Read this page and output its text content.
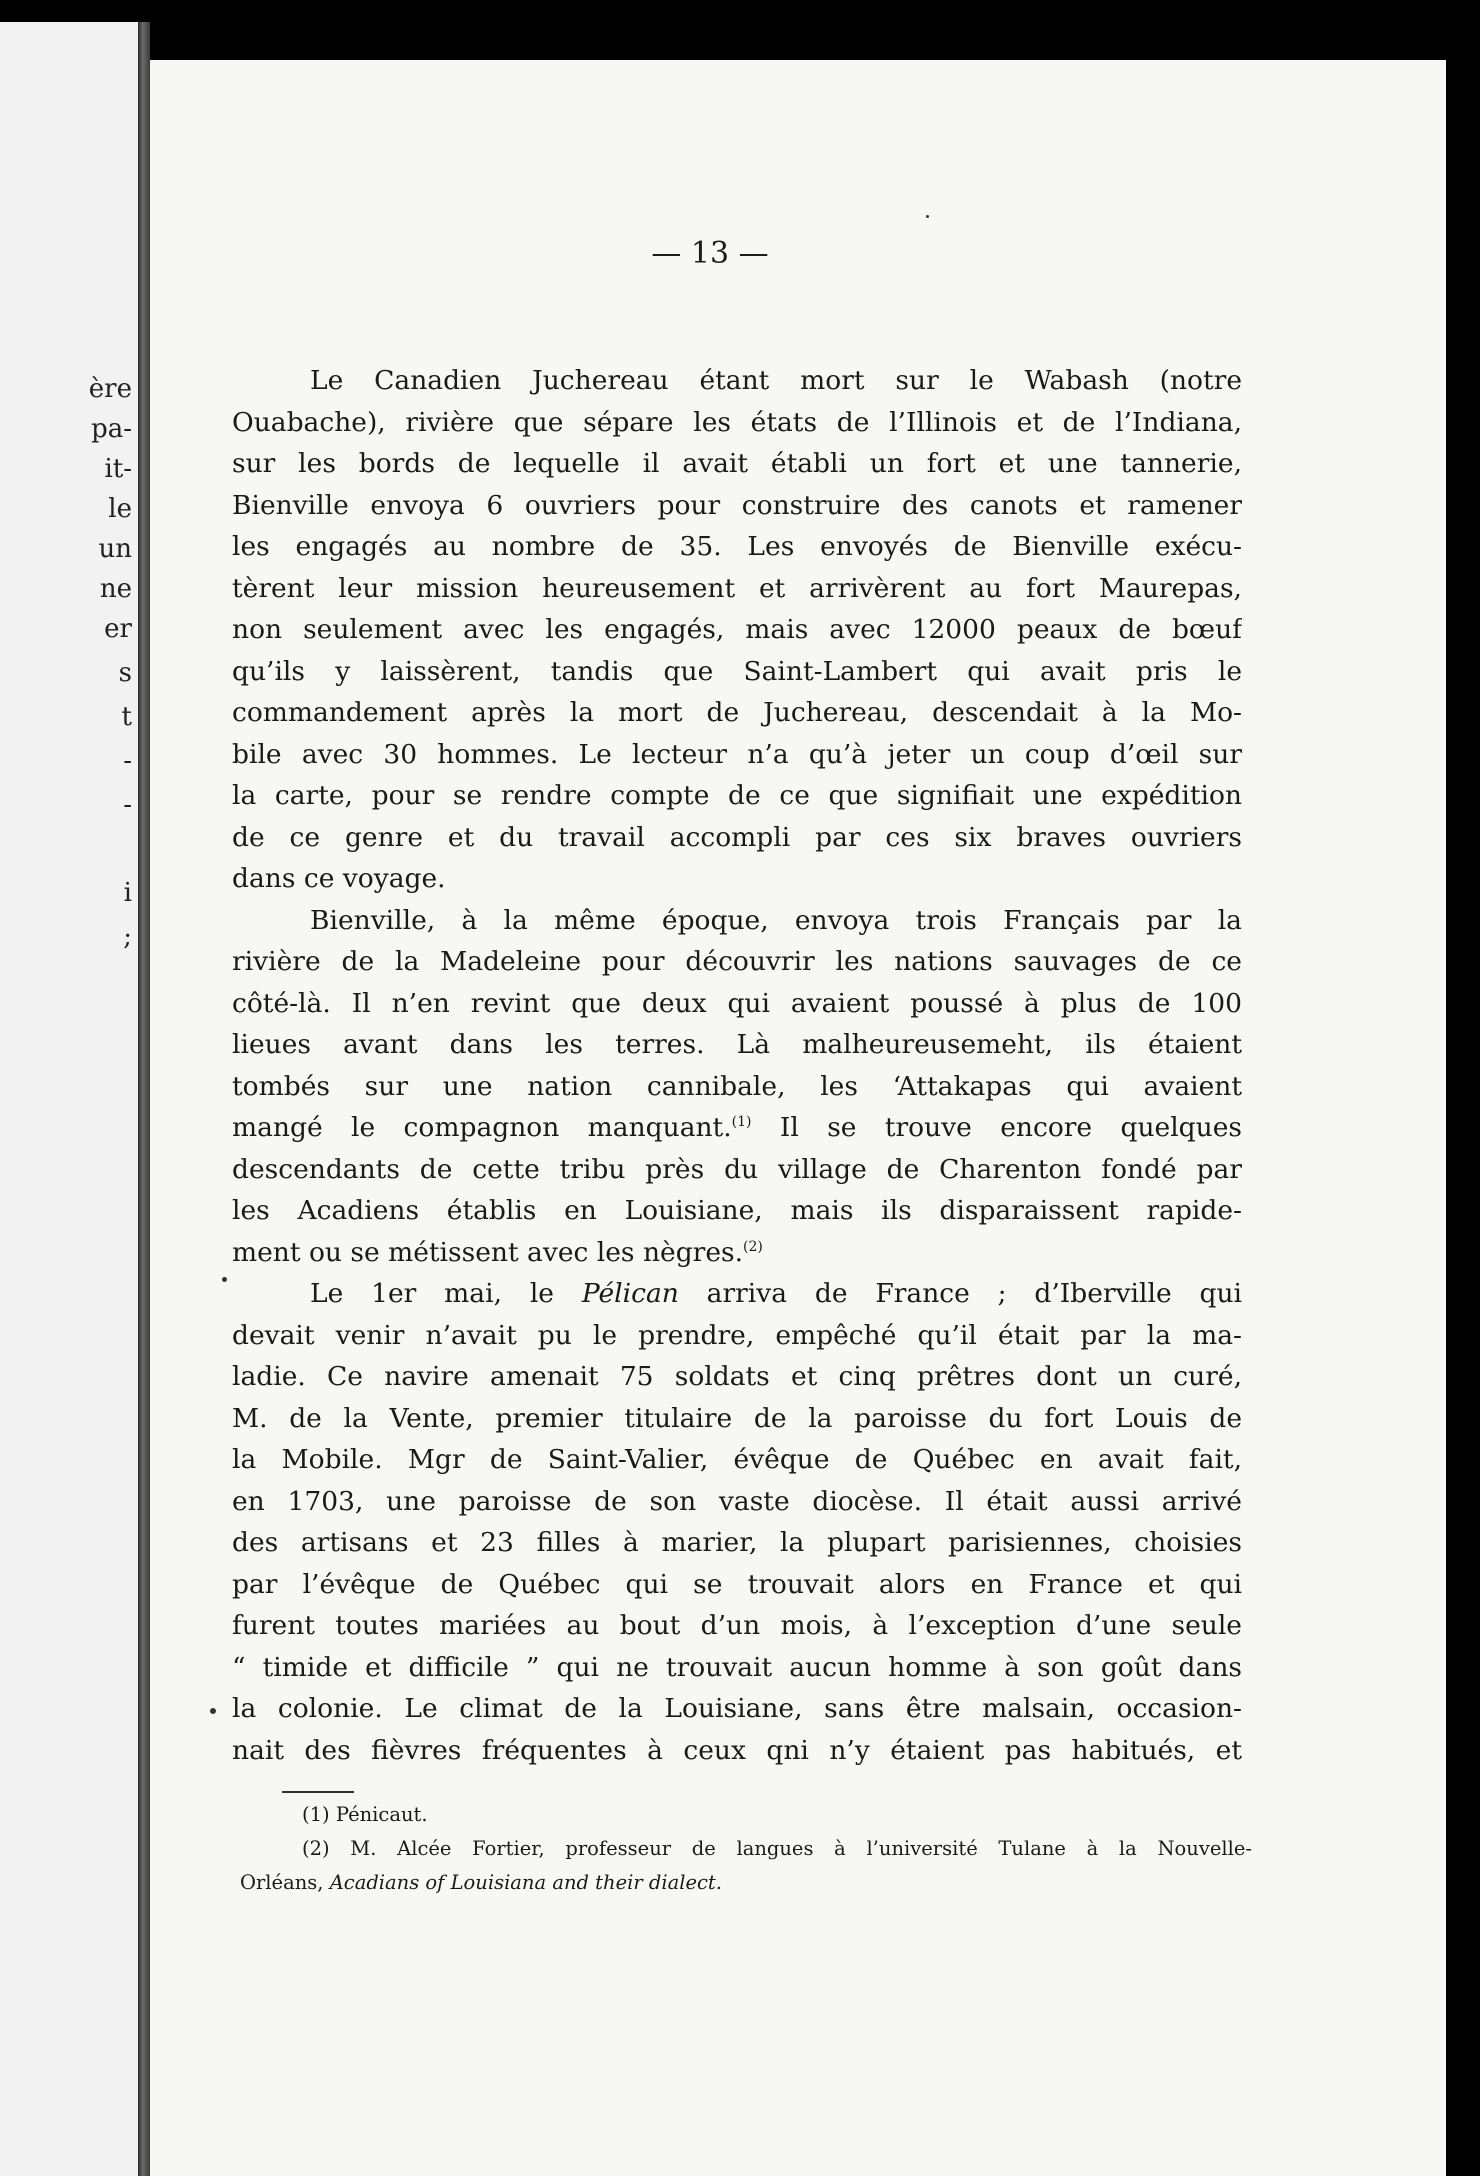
ère
pa-
it-
le
un
ne
er
s
t
-
-
i
;
— 13 —
Le Canadien Juchereau étant mort sur le Wabash (notre
Ouabache), rivière que sépare les états de l’Illinois et de l’Indiana,
sur les bords de lequelle il avait établi un fort et une tannerie,
Bienville envoya 6 ouvriers pour construire des canots et ramener
les engagés au nombre de 35. Les envoyés de Bienville exécu-
tèrent leur mission heureusement et arrivèrent au fort Maurepas,
non seulement avec les engagés, mais avec 12000 peaux de bœuf
qu’ils y laissèrent, tandis que Saint-Lambert qui avait pris le
commandement après la mort de Juchereau, descendait à la Mo-
bile avec 30 hommes. Le lecteur n’a qu’à jeter un coup d’œil sur
la carte, pour se rendre compte de ce que signifiait une expédition
de ce genre et du travail accompli par ces six braves ouvriers
dans ce voyage.
Bienville, à la même époque, envoya trois Français par la
rivière de la Madeleine pour découvrir les nations sauvages de ce
côté-là. Il n’en revint que deux qui avaient poussé à plus de 100
lieues avant dans les terres. Là malheureusemeht, ils étaient
tombés sur une nation cannibale, les ‘Attakapas qui avaient
mangé le compagnon manquant.$^{(1)}$ Il se trouve encore quelques
descendants de cette tribu près du village de Charenton fondé par
les Acadiens établis en Louisiane, mais ils disparaissent rapide-
ment ou se métissent avec les nègres.$^{(2)}$
Le 1er mai, le Pélican arriva de France ; d’Iberville qui
devait venir n’avait pu le prendre, empêché qu’il était par la ma-
ladie. Ce navire amenait 75 soldats et cinq prêtres dont un curé,
M. de la Vente, premier titulaire de la paroisse du fort Louis de
la Mobile. Mgr de Saint-Valier, évêque de Québec en avait fait,
en 1703, une paroisse de son vaste diocèse. Il était aussi arrivé
des artisans et 23 filles à marier, la plupart parisiennes, choisies
par l’évêque de Québec qui se trouvait alors en France et qui
furent toutes mariées au bout d’un mois, à l’exception d’une seule
“ timide et difficile ” qui ne trouvait aucun homme à son goût dans
la colonie. Le climat de la Louisiane, sans être malsain, occasion-
nait des fièvres fréquentes à ceux qni n’y étaient pas habitués, et
(1) Pénicaut.
(2) M. Alcée Fortier, professeur de langues à l’université Tulane à la Nouvelle-
Orléans, Acadians of Louisiana and their dialect.
